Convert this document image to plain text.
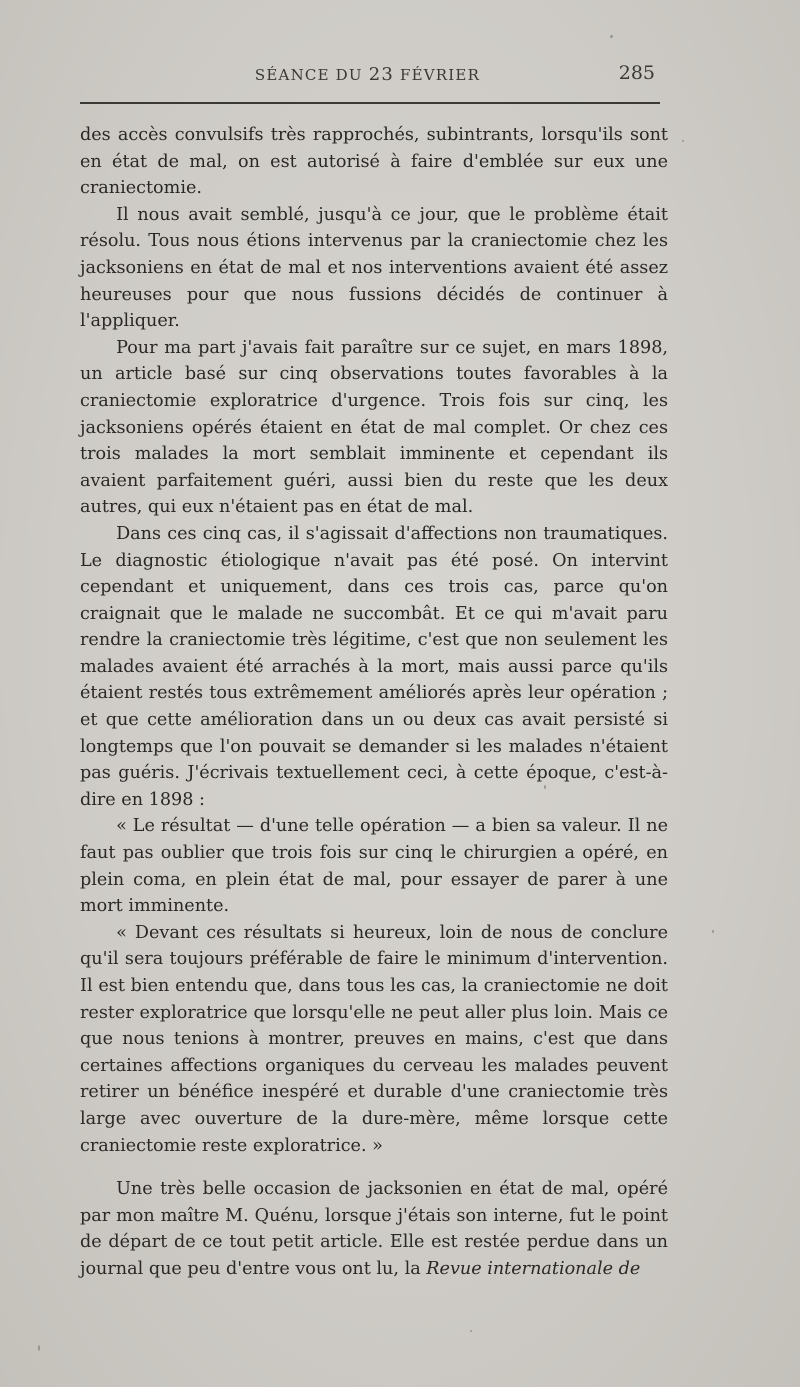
SÉANCE DU 23 FÉVRIER	285

des accès convulsifs très rapprochés, subintrants, lorsqu'ils sont en état de mal, on est autorisé à faire d'emblée sur eux une craniectomie.

Il nous avait semblé, jusqu'à ce jour, que le problème était résolu. Tous nous étions intervenus par la craniectomie chez les jacksoniens en état de mal et nos interventions avaient été assez heureuses pour que nous fussions décidés de continuer à l'appliquer.

Pour ma part j'avais fait paraître sur ce sujet, en mars 1898, un article basé sur cinq observations toutes favorables à la craniectomie exploratrice d'urgence. Trois fois sur cinq, les jacksoniens opérés étaient en état de mal complet. Or chez ces trois malades la mort semblait imminente et cependant ils avaient parfaitement guéri, aussi bien du reste que les deux autres, qui eux n'étaient pas en état de mal.

Dans ces cinq cas, il s'agissait d'affections non traumatiques. Le diagnostic étiologique n'avait pas été posé. On intervint cependant et uniquement, dans ces trois cas, parce qu'on craignait que le malade ne succombât. Et ce qui m'avait paru rendre la craniectomie très légitime, c'est que non seulement les malades avaient été arrachés à la mort, mais aussi parce qu'ils étaient restés tous extrêmement améliorés après leur opération ; et que cette amélioration dans un ou deux cas avait persisté si longtemps que l'on pouvait se demander si les malades n'étaient pas guéris. J'écrivais textuellement ceci, à cette époque, c'est-à-dire en 1898 :

« Le résultat — d'une telle opération — a bien sa valeur. Il ne faut pas oublier que trois fois sur cinq le chirurgien a opéré, en plein coma, en plein état de mal, pour essayer de parer à une mort imminente.

« Devant ces résultats si heureux, loin de nous de conclure qu'il sera toujours préférable de faire le minimum d'intervention. Il est bien entendu que, dans tous les cas, la craniectomie ne doit rester exploratrice que lorsqu'elle ne peut aller plus loin. Mais ce que nous tenions à montrer, preuves en mains, c'est que dans certaines affections organiques du cerveau les malades peuvent retirer un bénéfice inespéré et durable d'une craniectomie très large avec ouverture de la dure-mère, même lorsque cette craniectomie reste exploratrice. »

Une très belle occasion de jacksonien en état de mal, opéré par mon maître M. Quénu, lorsque j'étais son interne, fut le point de départ de ce tout petit article. Elle est restée perdue dans un journal que peu d'entre vous ont lu, la Revue internationale de
